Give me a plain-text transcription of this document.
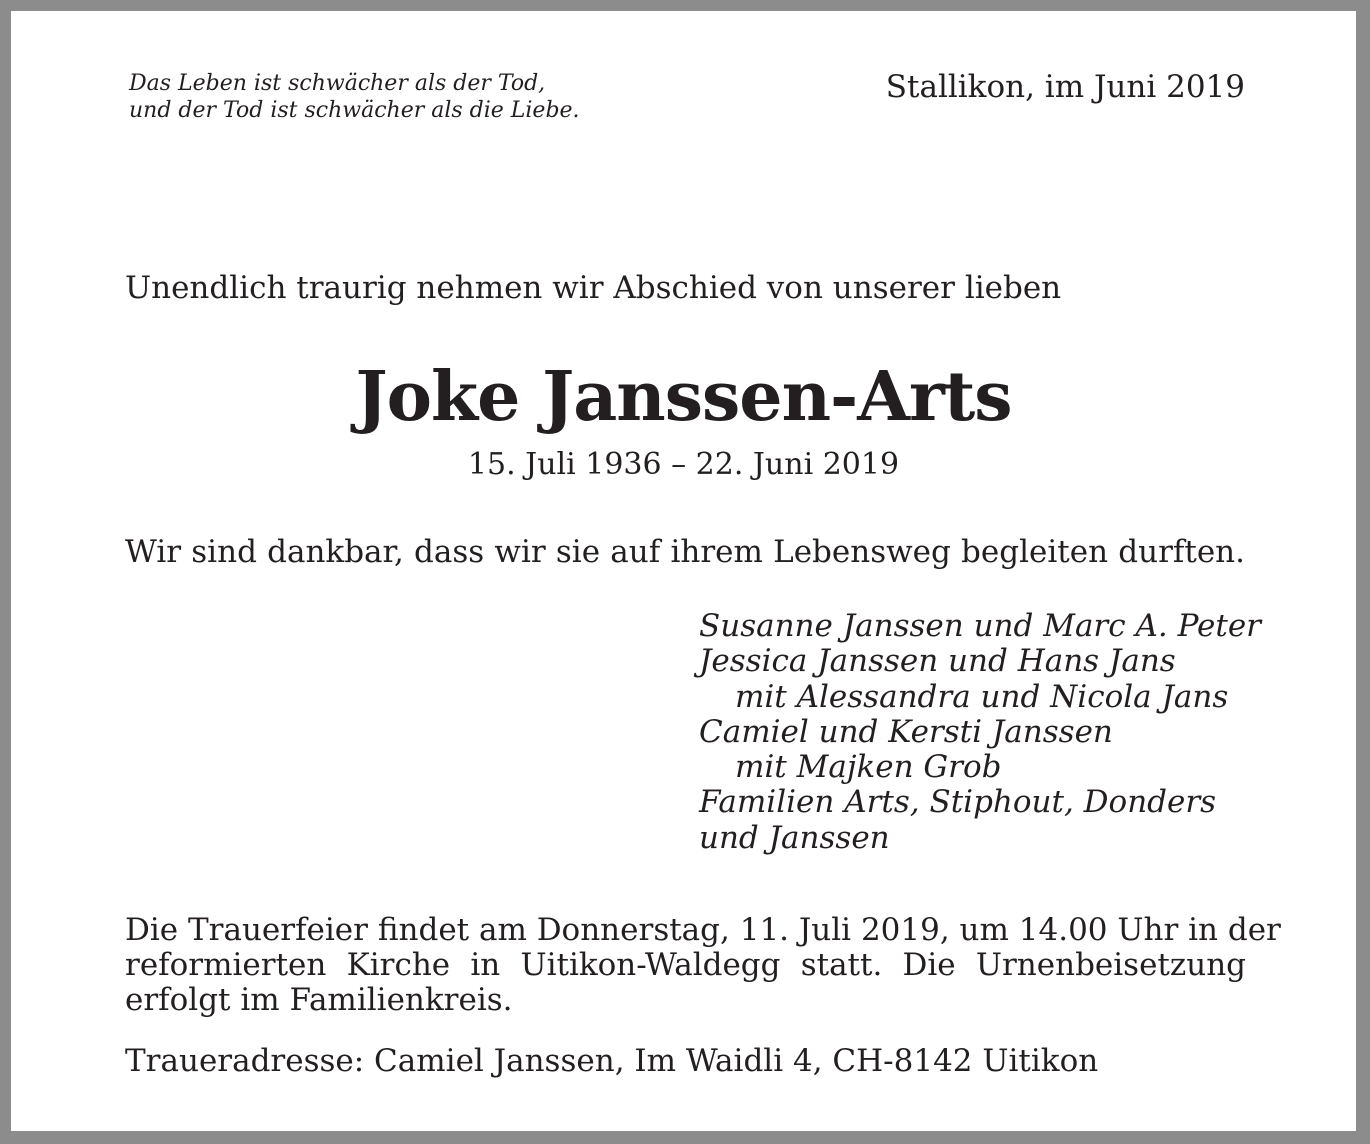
Das Leben ist schwächer als der Tod,
und der Tod ist schwächer als die Liebe.

Stallikon, im Juni 2019

Unendlich traurig nehmen wir Abschied von unserer lieben

Joke Janssen-Arts

15. Juli 1936 – 22. Juni 2019

Wir sind dankbar, dass wir sie auf ihrem Lebensweg begleiten durften.

Susanne Janssen und Marc A. Peter
Jessica Janssen und Hans Jans
mit Alessandra und Nicola Jans
Camiel und Kersti Janssen
mit Majken Grob
Familien Arts, Stiphout, Donders
und Janssen

Die Trauerfeier findet am Donnerstag, 11. Juli 2019, um 14.00 Uhr in der
reformierten Kirche in Uitikon-Waldegg statt. Die Urnenbeisetzung
erfolgt im Familienkreis.

Traueradresse: Camiel Janssen, Im Waidli 4, CH-8142 Uitikon
